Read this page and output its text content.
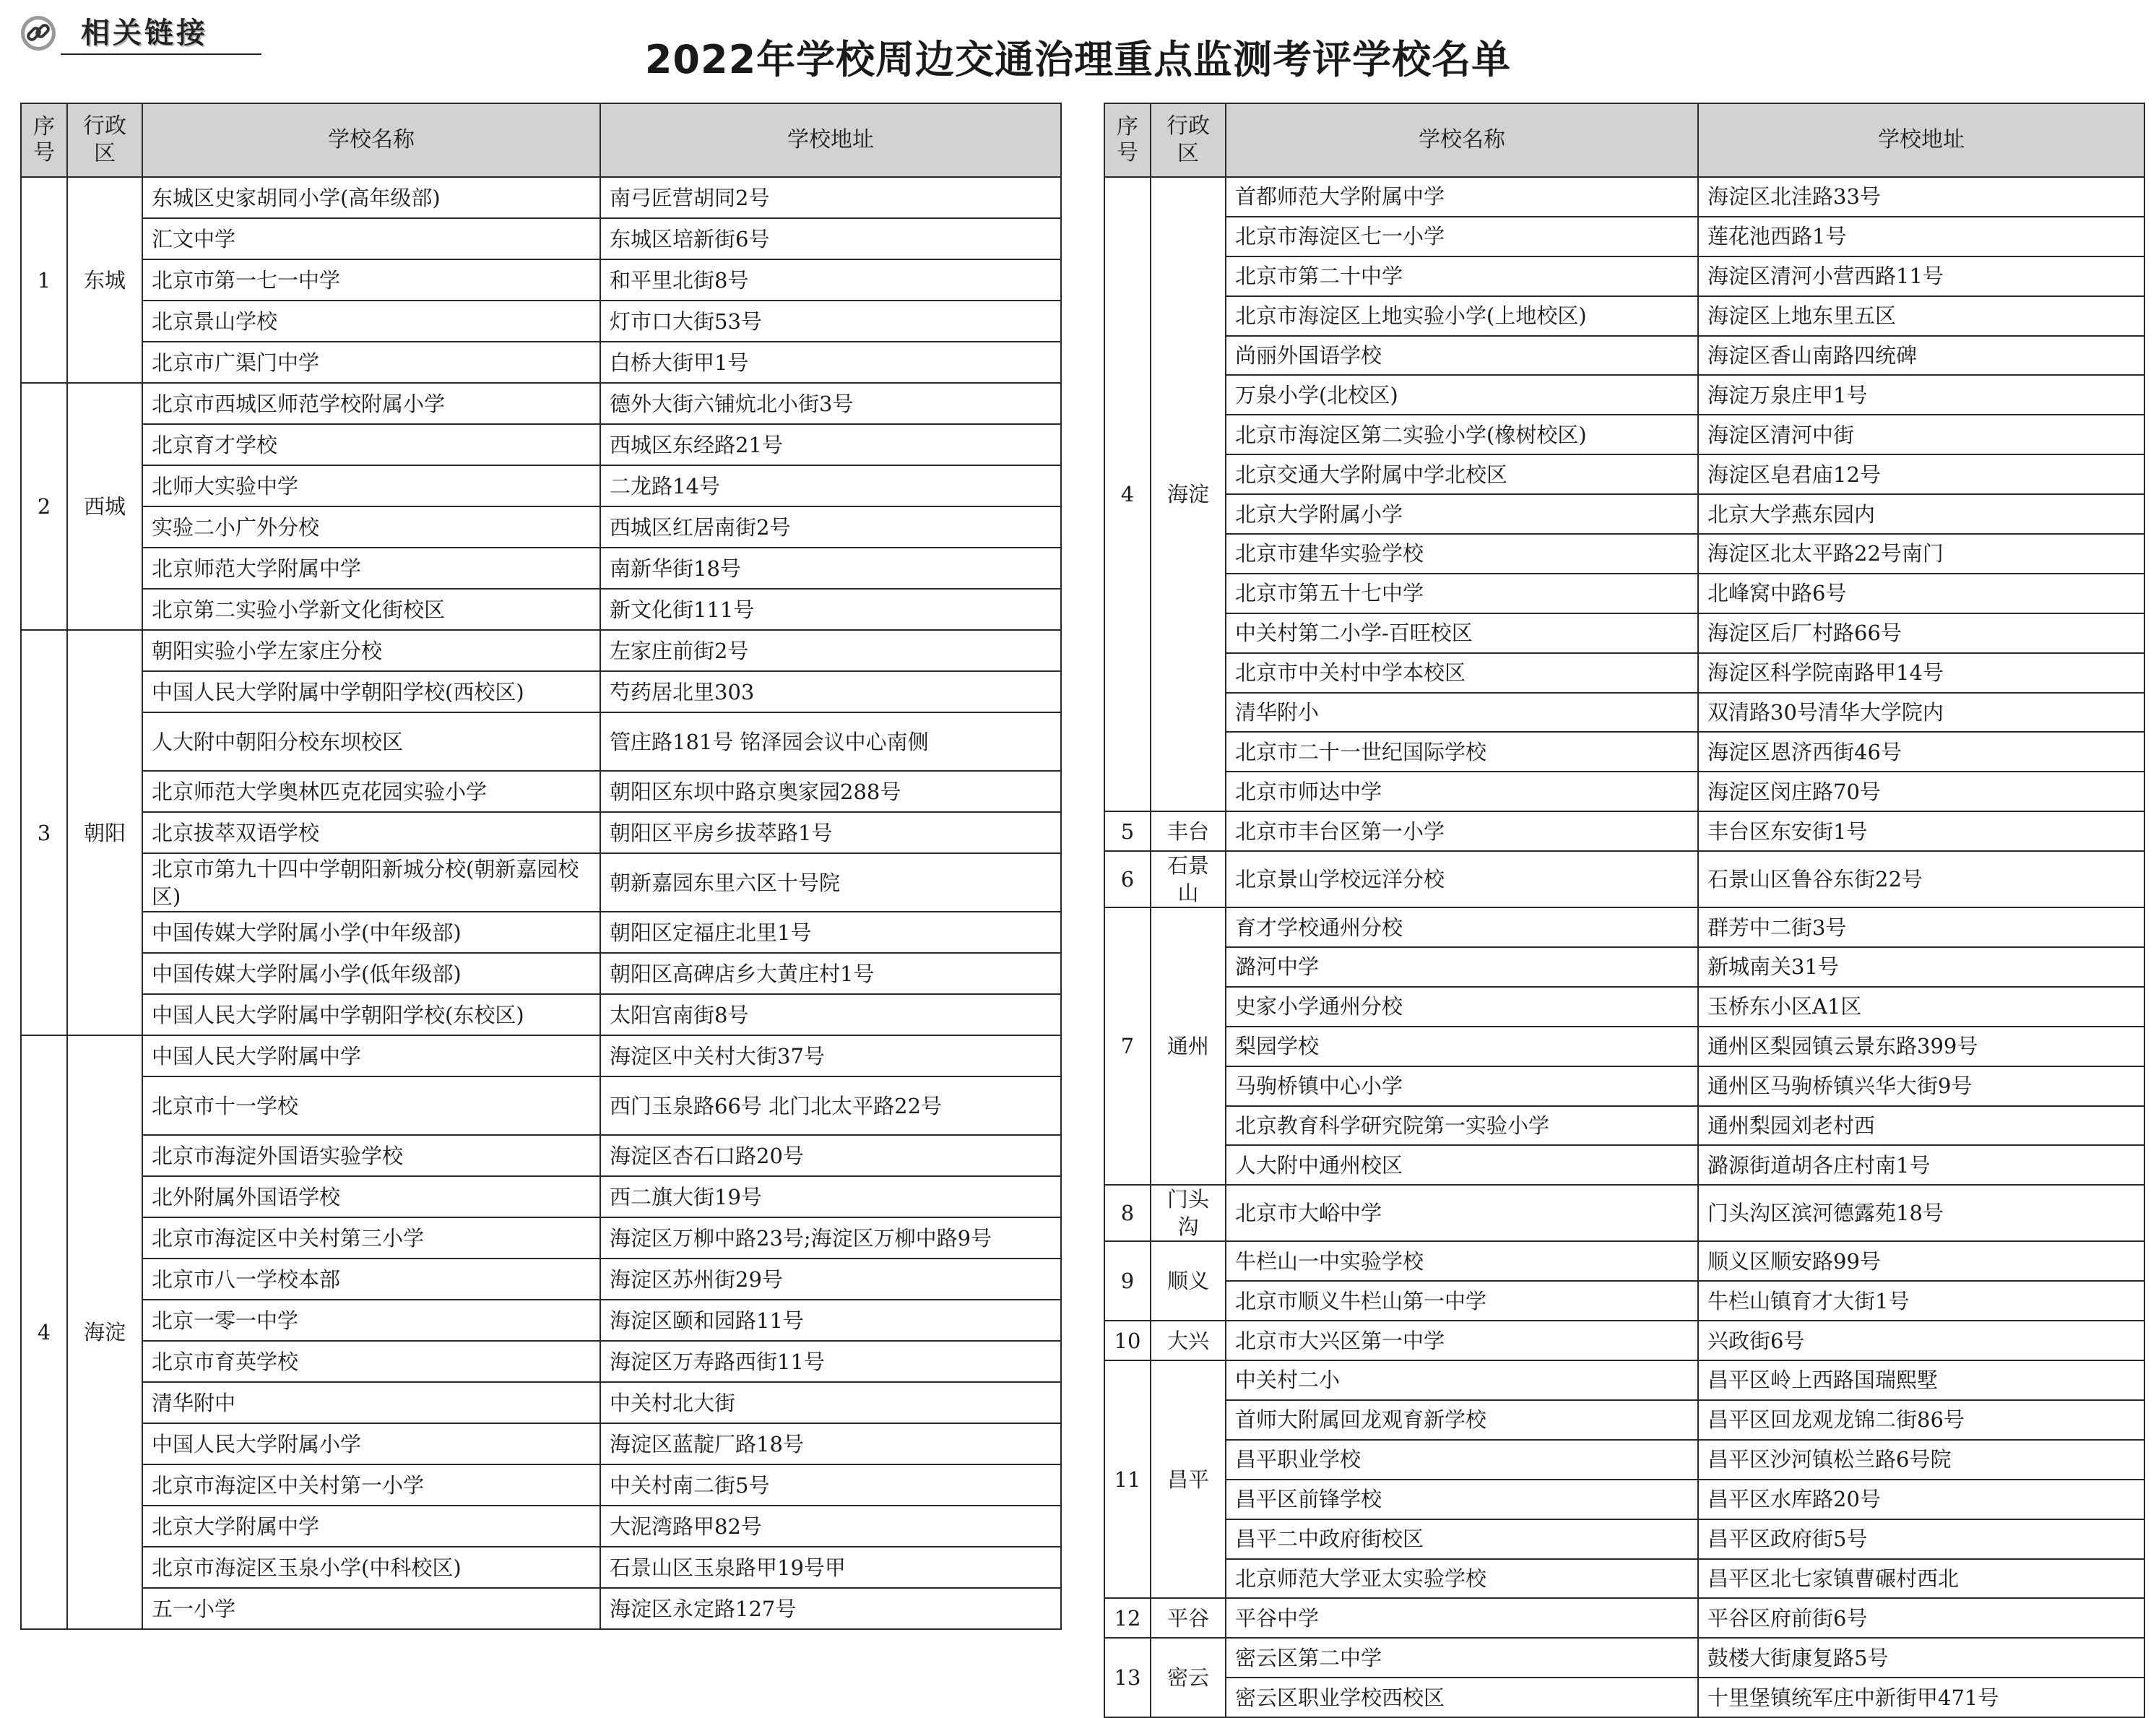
相关链接
2022年学校周边交通治理重点监测考评学校名单
序
号	行政区	学校名称	学校地址
1	东城	东城区史家胡同小学(高年级部)	南弓匠营胡同2号
		汇文中学	东城区培新街6号
		北京市第一七一中学	和平里北街8号
		北京景山学校	灯市口大街53号
		北京市广渠门中学	白桥大街甲1号
2	西城	北京市西城区师范学校附属小学	德外大街六铺炕北小街3号
		北京育才学校	西城区东经路21号
		北师大实验中学	二龙路14号
		实验二小广外分校	西城区红居南街2号
		北京师范大学附属中学	南新华街18号
		北京第二实验小学新文化街校区	新文化街111号
3	朝阳	朝阳实验小学左家庄分校	左家庄前街2号
		中国人民大学附属中学朝阳学校(西校区)	芍药居北里303
		人大附中朝阳分校东坝校区	管庄路181号 铭泽园会议中心南侧
		北京师范大学奥林匹克花园实验小学	朝阳区东坝中路京奥家园288号
		北京拔萃双语学校	朝阳区平房乡拔萃路1号
		北京市第九十四中学朝阳新城分校(朝新嘉园校区)	朝新嘉园东里六区十号院
		中国传媒大学附属小学(中年级部)	朝阳区定福庄北里1号
		中国传媒大学附属小学(低年级部)	朝阳区高碑店乡大黄庄村1号
		中国人民大学附属中学朝阳学校(东校区)	太阳宫南街8号
4	海淀	中国人民大学附属中学	海淀区中关村大街37号
		北京市十一学校	西门玉泉路66号 北门北太平路22号
		北京市海淀外国语实验学校	海淀区杏石口路20号
		北外附属外国语学校	西二旗大街19号
		北京市海淀区中关村第三小学	海淀区万柳中路23号;海淀区万柳中路9号
		北京市八一学校本部	海淀区苏州街29号
		北京一零一中学	海淀区颐和园路11号
		北京市育英学校	海淀区万寿路西街11号
		清华附中	中关村北大街
		中国人民大学附属小学	海淀区蓝靛厂路18号
		北京市海淀区中关村第一小学	中关村南二街5号
		北京大学附属中学	大泥湾路甲82号
		北京市海淀区玉泉小学(中科校区)	石景山区玉泉路甲19号甲
		五一小学	海淀区永定路127号
序
号	行政区	学校名称	学校地址
4	海淀	首都师范大学附属中学	海淀区北洼路33号
		北京市海淀区七一小学	莲花池西路1号
		北京市第二十中学	海淀区清河小营西路11号
		北京市海淀区上地实验小学(上地校区)	海淀区上地东里五区
		尚丽外国语学校	海淀区香山南路四统碑
		万泉小学(北校区)	海淀万泉庄甲1号
		北京市海淀区第二实验小学(橡树校区)	海淀区清河中街
		北京交通大学附属中学北校区	海淀区皂君庙12号
		北京大学附属小学	北京大学燕东园内
		北京市建华实验学校	海淀区北太平路22号南门
		北京市第五十七中学	北峰窝中路6号
		中关村第二小学-百旺校区	海淀区后厂村路66号
		北京市中关村中学本校区	海淀区科学院南路甲14号
		清华附小	双清路30号清华大学院内
		北京市二十一世纪国际学校	海淀区恩济西街46号
		北京市师达中学	海淀区闵庄路70号
5	丰台	北京市丰台区第一小学	丰台区东安街1号
6	石景山	北京景山学校远洋分校	石景山区鲁谷东街22号
7	通州	育才学校通州分校	群芳中二街3号
		潞河中学	新城南关31号
		史家小学通州分校	玉桥东小区A1区
		梨园学校	通州区梨园镇云景东路399号
		马驹桥镇中心小学	通州区马驹桥镇兴华大街9号
		北京教育科学研究院第一实验小学	通州梨园刘老村西
		人大附中通州校区	潞源街道胡各庄村南1号
8	门头沟	北京市大峪中学	门头沟区滨河德露苑18号
9	顺义	牛栏山一中实验学校	顺义区顺安路99号
		北京市顺义牛栏山第一中学	牛栏山镇育才大街1号
10	大兴	北京市大兴区第一中学	兴政街6号
11	昌平	中关村二小	昌平区岭上西路国瑞熙墅
		首师大附属回龙观育新学校	昌平区回龙观龙锦二街86号
		昌平职业学校	昌平区沙河镇松兰路6号院
		昌平区前锋学校	昌平区水库路20号
		昌平二中政府街校区	昌平区政府街5号
		北京师范大学亚太实验学校	昌平区北七家镇曹碾村西北
12	平谷	平谷中学	平谷区府前街6号
13	密云	密云区第二中学	鼓楼大街康复路5号
		密云区职业学校西校区	十里堡镇统军庄中新街甲471号
